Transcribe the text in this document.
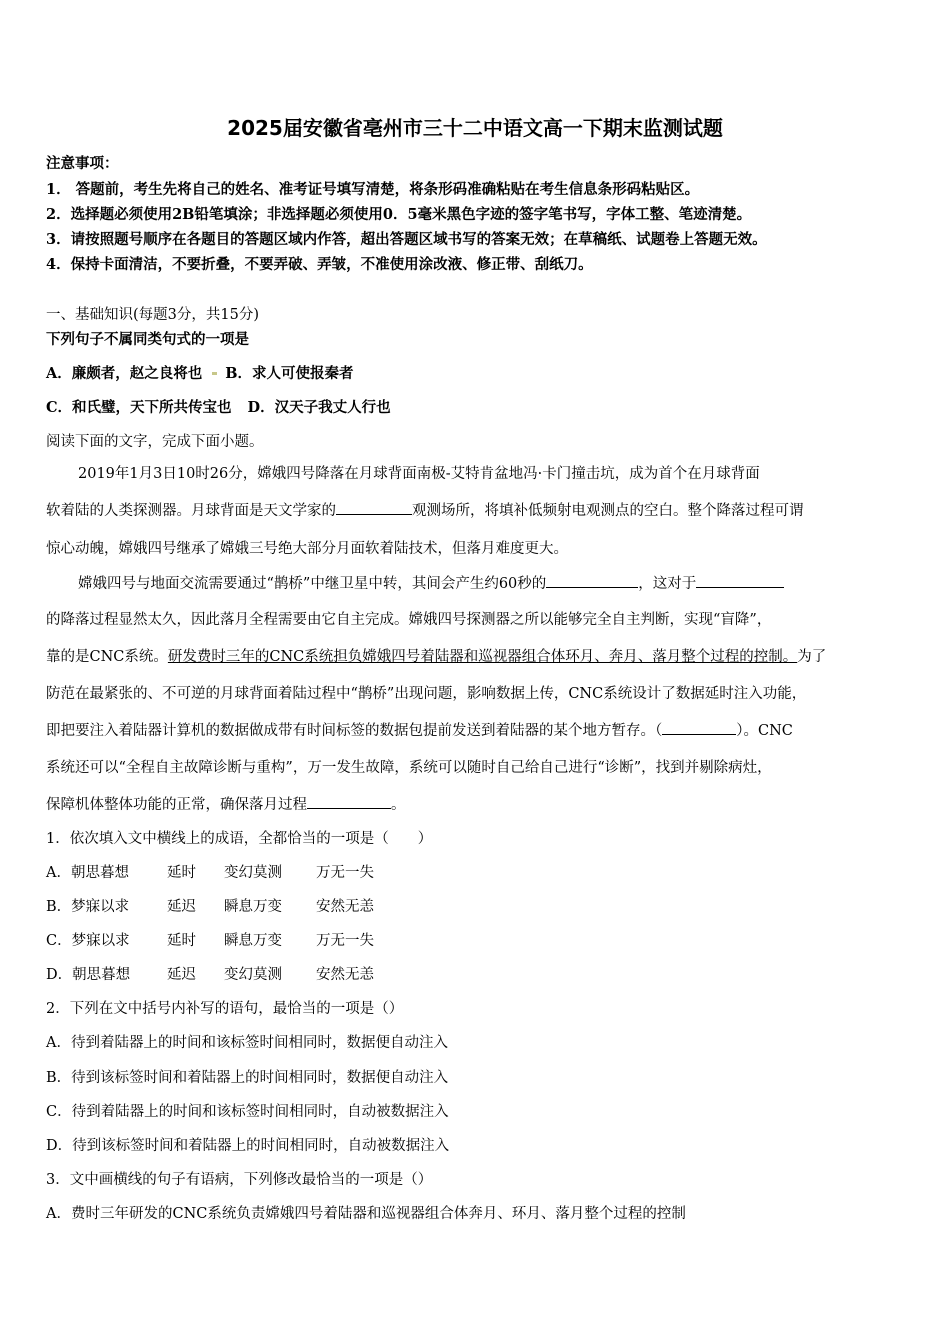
2025届安徽省亳州市三十二中语文高一下期末监测试题
注意事项：
1． 答题前，考生先将自己的姓名、准考证号填写清楚，将条形码准确粘贴在考生信息条形码粘贴区。
2．选择题必须使用2B铅笔填涂；非选择题必须使用0．5毫米黑色字迹的签字笔书写，字体工整、笔迹清楚。
3．请按照题号顺序在各题目的答题区域内作答，超出答题区域书写的答案无效；在草稿纸、试题卷上答题无效。
4．保持卡面清洁，不要折叠，不要弄破、弄皱，不准使用涂改液、修正带、刮纸刀。
一、基础知识(每题3分，共15分)
下列句子不属同类句式的一项是
A．廉颇者，赵之良将也 B．求人可使报秦者
C．和氏璧，天下所共传宝也 D．汉天子我丈人行也
阅读下面的文字，完成下面小题。
2019年1月3日10时26分，嫦娥四号降落在月球背面南极-艾特肯盆地冯·卡门撞击坑，成为首个在月球背面
软着陆的人类探测器。月球背面是天文学家的	观测场所，将填补低频射电观测点的空白。整个降落过程可谓
惊心动魄，嫦娥四号继承了嫦娥三号绝大部分月面软着陆技术，但落月难度更大。
嫦娥四号与地面交流需要通过“鹊桥”中继卫星中转，其间会产生约60秒的	，这对于
的降落过程显然太久，因此落月全程需要由它自主完成。嫦娥四号探测器之所以能够完全自主判断，实现“盲降”，
靠的是CNC系统。研发费时三年的CNC系统担负嫦娥四号着陆器和巡视器组合体环月、奔月、落月整个过程的控制。为了
防范在最紧张的、不可逆的月球背面着陆过程中“鹊桥”出现问题，影响数据上传，CNC系统设计了数据延时注入功能，
即把要注入着陆器计算机的数据做成带有时间标签的数据包提前发送到着陆器的某个地方暂存。（	）。CNC
系统还可以“全程自主故障诊断与重构”，万一发生故障，系统可以随时自己给自己进行“诊断”，找到并剔除病灶，
保障机体整体功能的正常，确保落月过程	。
1．依次填入文中横线上的成语，全都恰当的一项是（　　）
A．朝思暮想	延时 变幻莫测 万无一失
B．梦寐以求	延迟 瞬息万变 安然无恙
C．梦寐以求	延时 瞬息万变 万无一失
D．朝思暮想	延迟 变幻莫测 安然无恙
2．下列在文中括号内补写的语句，最恰当的一项是（）
A．待到着陆器上的时间和该标签时间相同时，数据便自动注入
B．待到该标签时间和着陆器上的时间相同时，数据便自动注入
C．待到着陆器上的时间和该标签时间相同时，自动被数据注入
D．待到该标签时间和着陆器上的时间相同时，自动被数据注入
3．文中画横线的句子有语病，下列修改最恰当的一项是（）
A．费时三年研发的CNC系统负责嫦娥四号着陆器和巡视器组合体奔月、环月、落月整个过程的控制
